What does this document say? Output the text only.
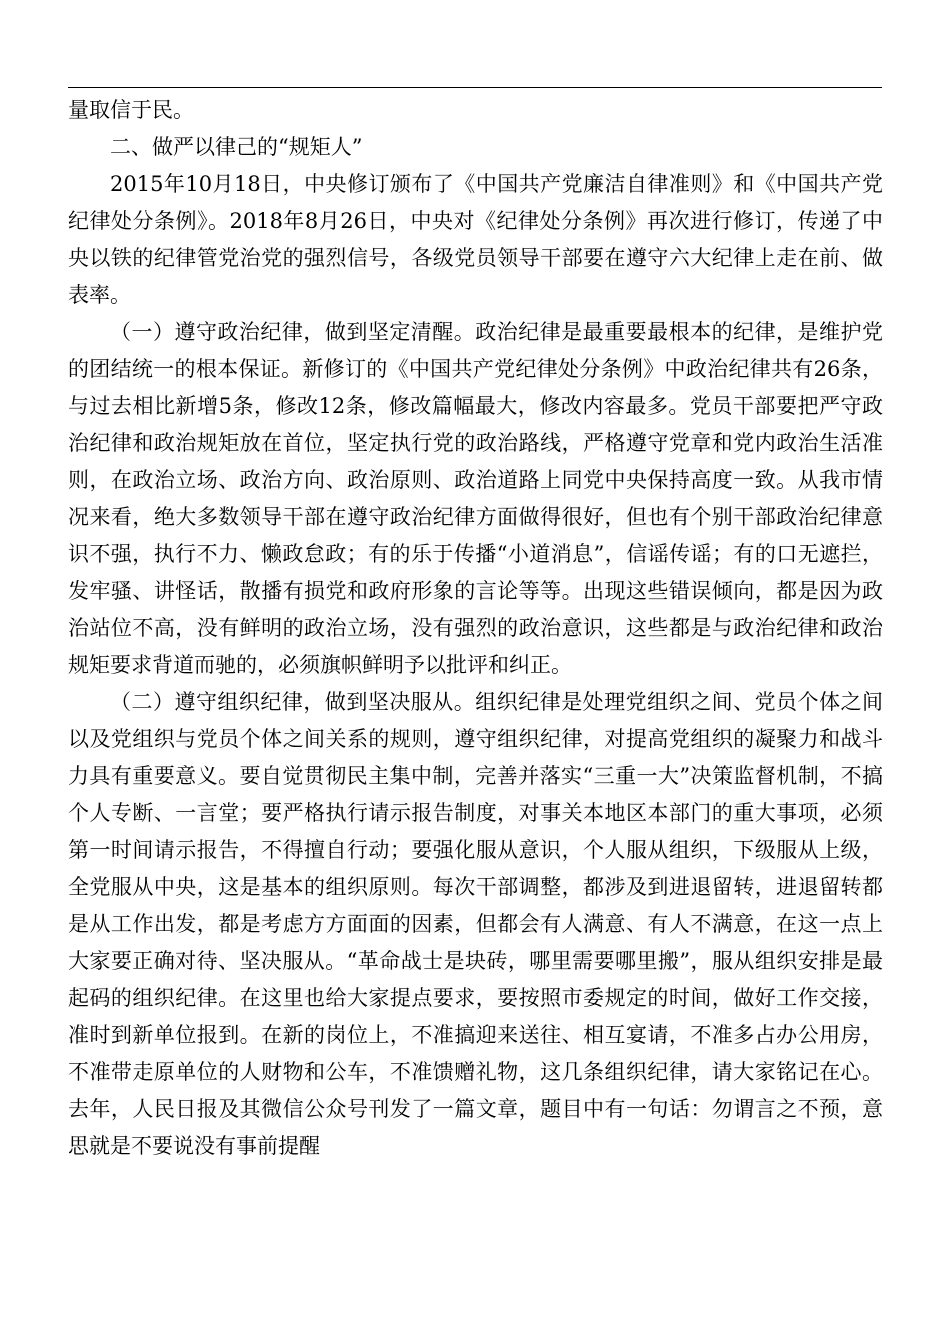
量取信于民。

二、做严以律己的“规矩人”

2015年10月18日，中央修订颁布了《中国共产党廉洁自律准则》和《中国共产党纪律处分条例》。2018年8月26日，中央对《纪律处分条例》再次进行修订，传递了中央以铁的纪律管党治党的强烈信号，各级党员领导干部要在遵守六大纪律上走在前、做表率。

（一）遵守政治纪律，做到坚定清醒。政治纪律是最重要最根本的纪律，是维护党的团结统一的根本保证。新修订的《中国共产党纪律处分条例》中政治纪律共有26条，与过去相比新增5条，修改12条，修改篇幅最大，修改内容最多。党员干部要把严守政治纪律和政治规矩放在首位，坚定执行党的政治路线，严格遵守党章和党内政治生活准则，在政治立场、政治方向、政治原则、政治道路上同党中央保持高度一致。从我市情况来看，绝大多数领导干部在遵守政治纪律方面做得很好，但也有个别干部政治纪律意识不强，执行不力、懒政怠政；有的乐于传播“小道消息”，信谣传谣；有的口无遮拦，发牢骚、讲怪话，散播有损党和政府形象的言论等等。出现这些错误倾向，都是因为政治站位不高，没有鲜明的政治立场，没有强烈的政治意识，这些都是与政治纪律和政治规矩要求背道而驰的，必须旗帜鲜明予以批评和纠正。

（二）遵守组织纪律，做到坚决服从。组织纪律是处理党组织之间、党员个体之间以及党组织与党员个体之间关系的规则，遵守组织纪律，对提高党组织的凝聚力和战斗力具有重要意义。要自觉贯彻民主集中制，完善并落实“三重一大”决策监督机制，不搞个人专断、一言堂；要严格执行请示报告制度，对事关本地区本部门的重大事项，必须第一时间请示报告，不得擅自行动；要强化服从意识，个人服从组织，下级服从上级，全党服从中央，这是基本的组织原则。每次干部调整，都涉及到进退留转，进退留转都是从工作出发，都是考虑方方面面的因素，但都会有人满意、有人不满意，在这一点上大家要正确对待、坚决服从。“革命战士是块砖，哪里需要哪里搬”，服从组织安排是最起码的组织纪律。在这里也给大家提点要求，要按照市委规定的时间，做好工作交接，准时到新单位报到。在新的岗位上，不准搞迎来送往、相互宴请，不准多占办公用房，不准带走原单位的人财物和公车，不准馈赠礼物，这几条组织纪律，请大家铭记在心。去年，人民日报及其微信公众号刊发了一篇文章，题目中有一句话：勿谓言之不预，意思就是不要说没有事前提醒
